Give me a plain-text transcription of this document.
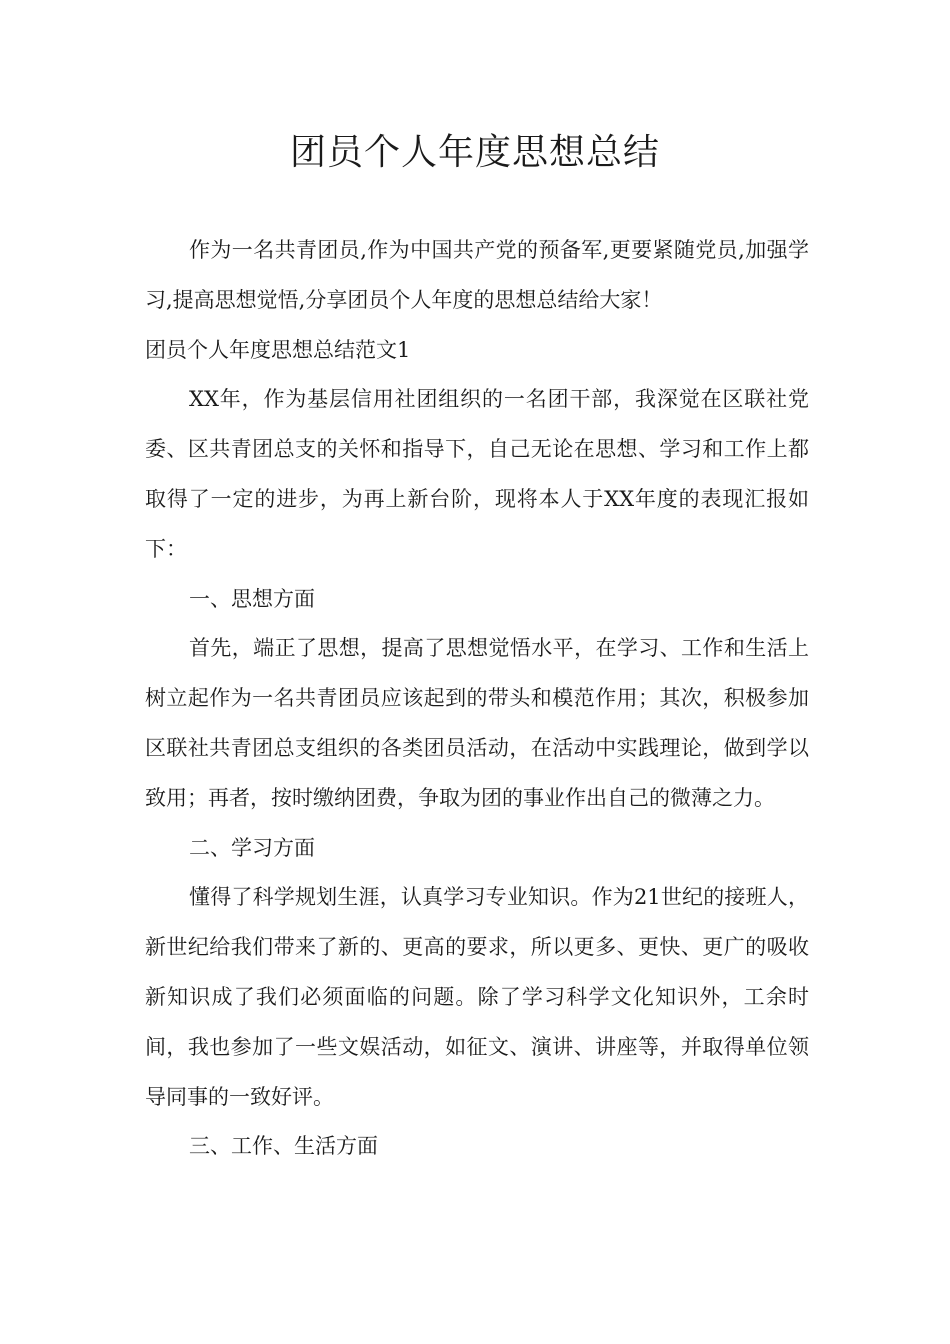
团员个人年度思想总结

作为一名共青团员,作为中国共产党的预备军,更要紧随党员,加强学习,提高思想觉悟,分享团员个人年度的思想总结给大家！

团员个人年度思想总结范文1

XX年，作为基层信用社团组织的一名团干部，我深觉在区联社党委、区共青团总支的关怀和指导下，自己无论在思想、学习和工作上都取得了一定的进步，为再上新台阶，现将本人于XX年度的表现汇报如下：

一、思想方面

首先，端正了思想，提高了思想觉悟水平，在学习、工作和生活上树立起作为一名共青团员应该起到的带头和模范作用；其次，积极参加区联社共青团总支组织的各类团员活动，在活动中实践理论，做到学以致用；再者，按时缴纳团费，争取为团的事业作出自己的微薄之力。

二、学习方面

懂得了科学规划生涯，认真学习专业知识。作为21世纪的接班人，新世纪给我们带来了新的、更高的要求，所以更多、更快、更广的吸收新知识成了我们必须面临的问题。除了学习科学文化知识外，工余时间，我也参加了一些文娱活动，如征文、演讲、讲座等，并取得单位领导同事的一致好评。

三、工作、生活方面
